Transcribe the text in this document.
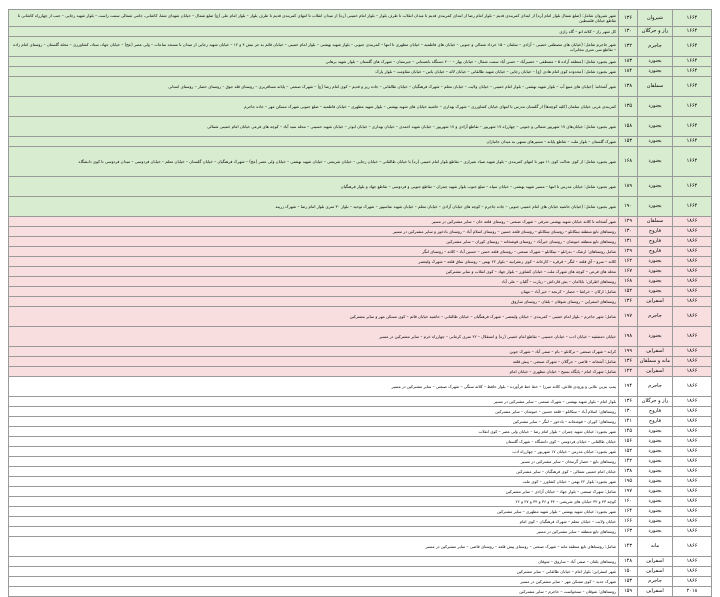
۱۶۶۴	شیروان	۱۳۶	شهر شیروان شامل: (ضلع شمال بلوار امام (ره) از ابتدای کمربندی قدیم – بلوار امام رضا از ابتدای کمربندی قدیم تا میدان انقلاب تا طرف بلوار – بلوار امام خمینی (ره) از میدان انقلاب تا انتهای کمربندی قدیم تا طرف بلوار – بلوار امام علی (ع) ضلع شمال – خیابان شهدای شفا، کاشانی، جامی شمالی سمت راست – بلوار شهید رجایی – جنب از چهارراه کاشانی تا تقاطع خیابان فلسطین
۱۶۶۴	راز و جرگلان	۱۳۰	کل شهر راز – کلاته اتو – گاه رازی
۱۶۶۴	جاجرم	۱۳۲	شهر جاجرم شامل: (خیابان های مصطفی خمینی – آزادی – سلمان – ۱۵ خرداد شمالی و جنوبی – خیابان های فاطمیه – خیابان مطهری تا انتها – کمربندی جنوبی – بلوار شهید بهشتی – بلوار امام خمینی – خیابان قائم به جز نبش ۴ و ۱۲ – خیابان شهید رجایی از میدان تا مسجد ساعات – ولی عصر (عج) – خیابان جهاد، ستاد، کشاورزی – محله گلستان – روستای امام زاده – تقاطع سی متری مخابرات
۱۶۶۴	بجنورد	۱۸۳	شهر بجنورد شامل: (منطقه آزاده ۵ – مصطفی – حصیرآباد – حسن آباد سمت شمال – خیابان بهار – ۲۰۰ دستگاه باغستانی – جیرستان – شهرک های گلستان – بلوار شهید برهانی
۱۶۶۴	بجنورد	۱۸۴	شهر بجنورد شامل: (محدوده کوی امام هادی (ع) – خیابان رجایی – خیابان شهید طالقانی – خیابان لاله – خیابان یاس – خیابان مقاومت – بلوار پارک
۱۶۶۴	سملقان	۱۳۸	شهر آشخانه: (خیابان های منبع آب – بلوار شهید بهشتی – بلوار امام خمینی – خیابان ولایت – خیابان معلم – شهرک فرهنگیان – خیابان طالقانی – جاده ریز و قدیم – کوی امام رضا (ع) – شهرک صنعتی – پایانه مسافربری – روستای قله جوق – روستای حصار – روستای اسدلی
۱۶۶۴	بجنورد	۱۳۵	کمربندی غربی خیابان سلمان (کلیه کوچه‌ها) از گلستان مدرس تا انتهای خیابان کشاورزی – شهرک بهداری – حاشیه خیابان های شهید بهشتی – بلوار شهید مطهری – خیابان فاطمیه – ضلع جنوبی شهرک مسکن مهر – جاده جاجرم
۱۶۶۴	بجنورد	۱۵۸	شهر بجنورد شامل: خیابان‌های ۱۷ شهریور شمالی و جنوبی – چهارراه ۱۷ شهریور – تقاطع آزادی و ۱۷ شهریور – خیابان شهید احمدی – خیابان بهداری – خیابان ابوذر – خیابان شهید حسینی – محله سید آباد – کوچه های فرعی خیابان امام خمینی شمالی
۱۶۶۴	بجنورد	۱۵۳	شهرک گلستان – بلوار ملت – تقاطع پایانه – مسیرهای منتهی به میدان جانبازان
۱۶۶۴	بجنورد	۱۶۸	شهر بجنورد شامل: از کوی عدالت کوی ۱۱ مهر تا انتهای کمربندی – بلوار شهید صیاد شیرازی – تقاطع بلوار امام خمینی (ره) با خیابان طالقانی – خیابان رجایی – خیابان شریعتی – خیابان شهید بهشتی – خیابان ولی عصر (عج) – شهرک فرهنگیان – خیابان گلستان – خیابان معلم – خیابان فردوسی – میدان فردوسی تا کوی دانشگاه
۱۶۶۴	بجنورد	۱۸۹	شهر بجنورد شامل: خیابان مدرس تا انتها – مسیر شهید بهشتی – خیابان سپاه – ضلع جنوب بلوار شهید چمران – تقاطع جنوبی و فردوسی – تقاطع جهاد و بلوار فرهنگیان
۱۶۶۴	بجنورد	۱۹۰	شهر بجنورد شامل: (خیابان حاشیه خیابان های امام خمینی جنوبی – جاده جاجرم – کوچه های خیابان آزادی – خیابان معلم – خیابان شهید عباسپور – شهرک توحید – بلوار ۳۰ متری بلوار امام رضا – شهرک زرینه
۱۸۶۶	سملقان	۱۲۹	شهر آشخانه تا کلاته خیابان شهید بهشتی شرقی – شهرک صنعتی – روستای قلعه خان – سایر مشترکین در مسیر
۱۸۶۶	فاروج	۱۳۰	روستاهای تابع منطقه تیتکانلو – روستای تیتکانلو – روستای قلعه حسین – روستای اسلام آباد – روستای بادخور و سایر مشترکین در مسیر
۱۸۶۶	فاروج	۱۳۱	روستاهای تابع منطقه خبوشان – روستای خیرآباد – روستای قوشخانه – روستای کوران – سایر مشترکین
۱۸۶۶	فاروج	۱۲۹	شامل روستاهای: ارشک – بدرانلو – تیتکانلو – شهرک صنعتی – روستای قلعه حسن – حسین آباد – کلاته – روستای لنگر
۱۸۶۶	بجنورد	۱۶۲	کلاته – سرو – آق قلعه – لنگر – قرقره – کارخانه – کوی زعفرانیه – بلوار ۲۲ بهمن – روستای ساق قلعه – شهرک ولیعصر
۱۸۶۶	بجنورد	۱۶۷	محله های فرعی – کوچه های شهرک ملت – خیابان کشاورز – بلوار جهاد – کوی انقلاب و سایر مشترکین
۱۸۶۶	بجنورد	۱۶۸	روستاهای اطراف: باباامان – بش قارداش – زیارت – گلیان – علی آباد
۱۸۶۶	بجنورد	۱۵۲	شامل: ارکان – خراشا – حصار – کرنجه – خیر آباد – مهنان
۱۸۶۶	اسفراین	۱۳۶	روستاهای اسفراین – روستای شوقان – بلقان – روستای ساروق
۱۸۶۶	جاجرم	۱۹۷	شامل: شهر جاجرم – بلوار امام خمینی – کمربندی – خیابان ولیعصر – شهرک فرهنگیان – خیابان طالقانی – حاشیه خیابان قائم – کوی مسکن مهر و سایر مشترکین
۱۸۶۶	بجنورد	۱۹۸	خیابان دمشقیه – خیابان ادب – خیابان حسینی – تقاطع امام خمینی (ره) و استقلال – ۲۲ متری کرمانی – چهارراه خرم – سایر مشترکین در مسیر
۱۸۶۶	اسفراین	۱۹۹	کرانه – شهرک صنعتی – ترکانلو – بام – صفی آباد – شهرک جوین
۱۸۶۶	مانه و سملقان	۱۳۶	شامل: آشخانه – قاضی – جرگلان – شهرک صنعتی – پیش قلعه
۱۸۶۶	اسفراین	۱۲۲	شامل: شهرک امام – پایگاه بسیج – خیابان مطهری – خیابان امام
۱۸۶۶	جاجرم	۱۹۴	پمپ بنزین علایی و ورودی فلاش، کلاته میرزا – خط خط فرآورده – بلوار حافظ – کلاته سنگی – شهرک صنعتی – سایر مشترکین در مسیر
۱۸۶۶	راز و جرگلان	۱۳۶	بلوار امام – بلوار شهید بهشتی – شهرک صنعتی – سایر مشترکین در مسیر
۱۸۶۶	فاروج	۱۳۰	روستاهای: اسلام آباد – تیتکانلو – قلعه حسین – خبوشان – سایر مشترکین
۱۸۶۶	فاروج	۱۴۱	روستاهای: کوران – قوشخانه – بادخور – لنگر – سایر مشترکین
۱۸۶۶	بجنورد	۱۴۵	شهر بجنورد: خیابان شهید چمران – بلوار امام رضا – خیابان ولی عصر – کوی انقلاب
۱۸۶۶	بجنورد	۱۵۶	خیابان طالقانی – خیابان فردوسی – کوی دانشگاه – شهرک گلستان
۱۸۶۶	بجنورد	۱۵۲	شهر بجنورد: خیابان مدرس – خیابان ۱۷ شهریور – چهارراه ادب
۱۸۶۶	بجنورد	۱۴۲	روستاهای تابع – حصار گرمخان – سایر مشترکین در مسیر
۱۸۶۶	بجنورد	۱۳۸	خیابان امام خمینی شمالی – کوی فرهنگیان – سایر مشترکین
۱۸۶۶	بجنورد	۱۹۵	شهر بجنورد: بلوار ۲۲ بهمن – خیابان کشاورز – کوی ملت
۱۸۶۶	بجنورد	۱۹۷	شامل: شهرک صنعتی – بلوار جهاد – خیابان آزادی – سایر مشترکین
۱۸۶۶	بجنورد	۱۶۰	کوچه ۴۳ و ۳۴ خیابان های شریعتی – ۳۴ و ۳۶ و ۳۴ و ۲۷ و ۲۶
۱۸۶۶	بجنورد	۱۶۴	شهر بجنورد: خیابان شهید بهشتی – بلوار شهید مطهری – سایر مشترکین
۱۸۶۶	بجنورد	۱۶۶	خیابان ولایت – خیابان معلم – شهرک فرهنگیان – کوی امام
۱۸۶۶	بجنورد	۱۶۳	روستاهای تابع منطقه – سایر مشترکین در مسیر
۱۸۶۶	مانه	۱۴۳	شامل: روستاهای تابع منطقه مانه – شهرک صنعتی – روستای پیش قلعه – روستای قاضی – سایر مشترکین در مسیر
۱۸۶۶	اسفراین	۱۴۸	روستاهای بلقان – صفی آباد – ساروق – شوقان
۱۸۶۶	اسفراین	۱۵۰	شهر اسفراین: بلوار امام – خیابان طالقانی – سایر مشترکین
۱۸۶۶	جاجرم	۱۵۳	شهرک جدید – کوی مسکن مهر – سایر مشترکین در مسیر
۲۰۱۸	اسفراین	۱۵۹	روستاهای: شوقان – سنخواست – جاجرم – سایر مشترکین
